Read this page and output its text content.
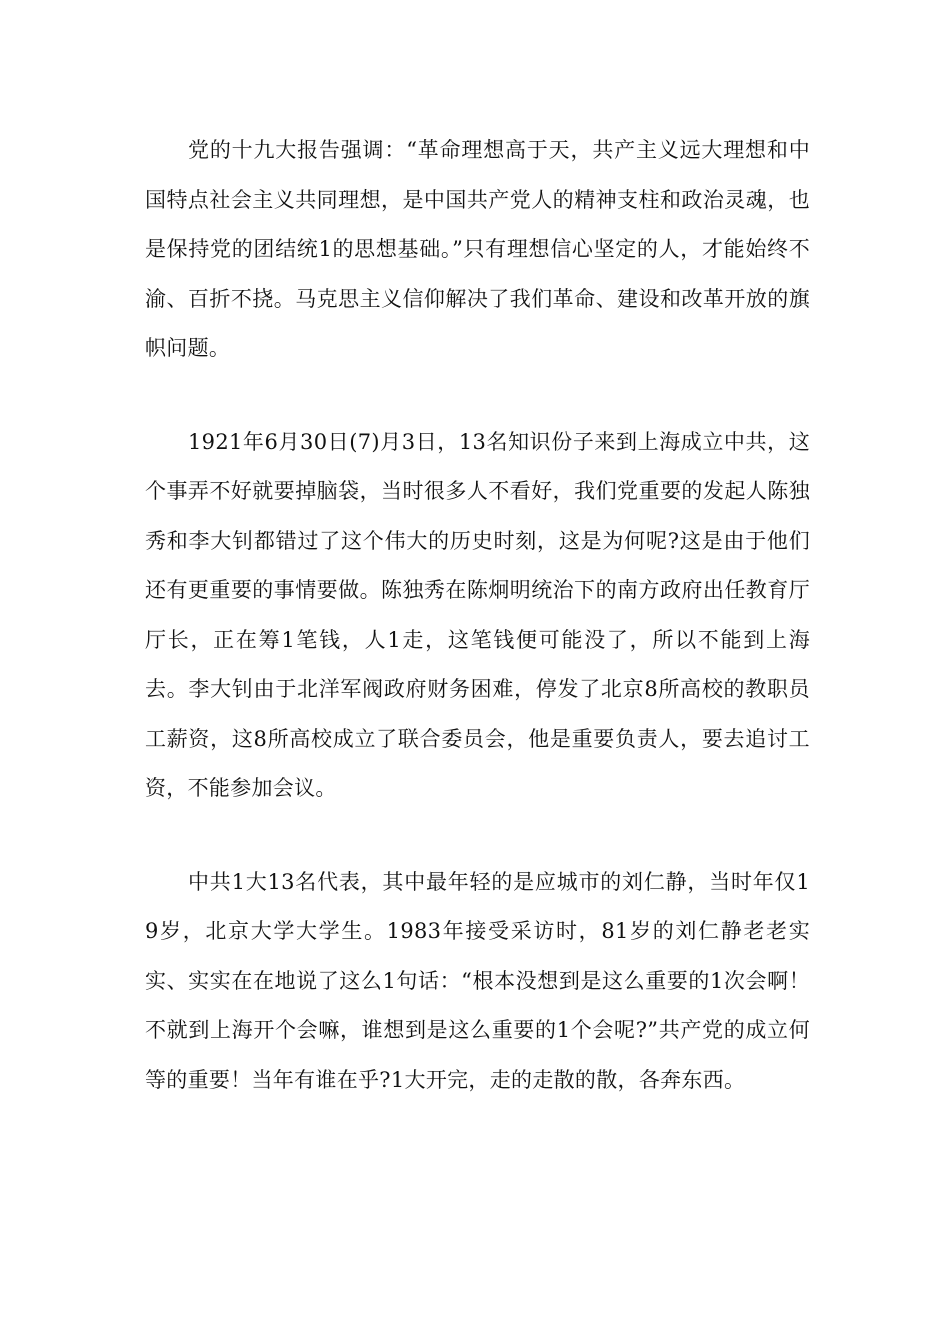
党的十九大报告强调：“革命理想高于天，共产主义远大理想和中国特点社会主义共同理想，是中国共产党人的精神支柱和政治灵魂，也是保持党的团结统1的思想基础。”只有理想信心坚定的人，才能始终不渝、百折不挠。马克思主义信仰解决了我们革命、建设和改革开放的旗帜问题。

1921年6月30日(7)月3日，13名知识份子来到上海成立中共，这个事弄不好就要掉脑袋，当时很多人不看好，我们党重要的发起人陈独秀和李大钊都错过了这个伟大的历史时刻，这是为何呢?这是由于他们还有更重要的事情要做。陈独秀在陈炯明统治下的南方政府出任教育厅厅长，正在筹1笔钱，人1走，这笔钱便可能没了，所以不能到上海去。李大钊由于北洋军阀政府财务困难，停发了北京8所高校的教职员工薪资，这8所高校成立了联合委员会，他是重要负责人，要去追讨工资，不能参加会议。

中共1大13名代表，其中最年轻的是应城市的刘仁静，当时年仅19岁，北京大学大学生。1983年接受采访时，81岁的刘仁静老老实实、实实在在地说了这么1句话：“根本没想到是这么重要的1次会啊！不就到上海开个会嘛，谁想到是这么重要的1个会呢?”共产党的成立何等的重要！当年有谁在乎?1大开完，走的走散的散，各奔东西。
